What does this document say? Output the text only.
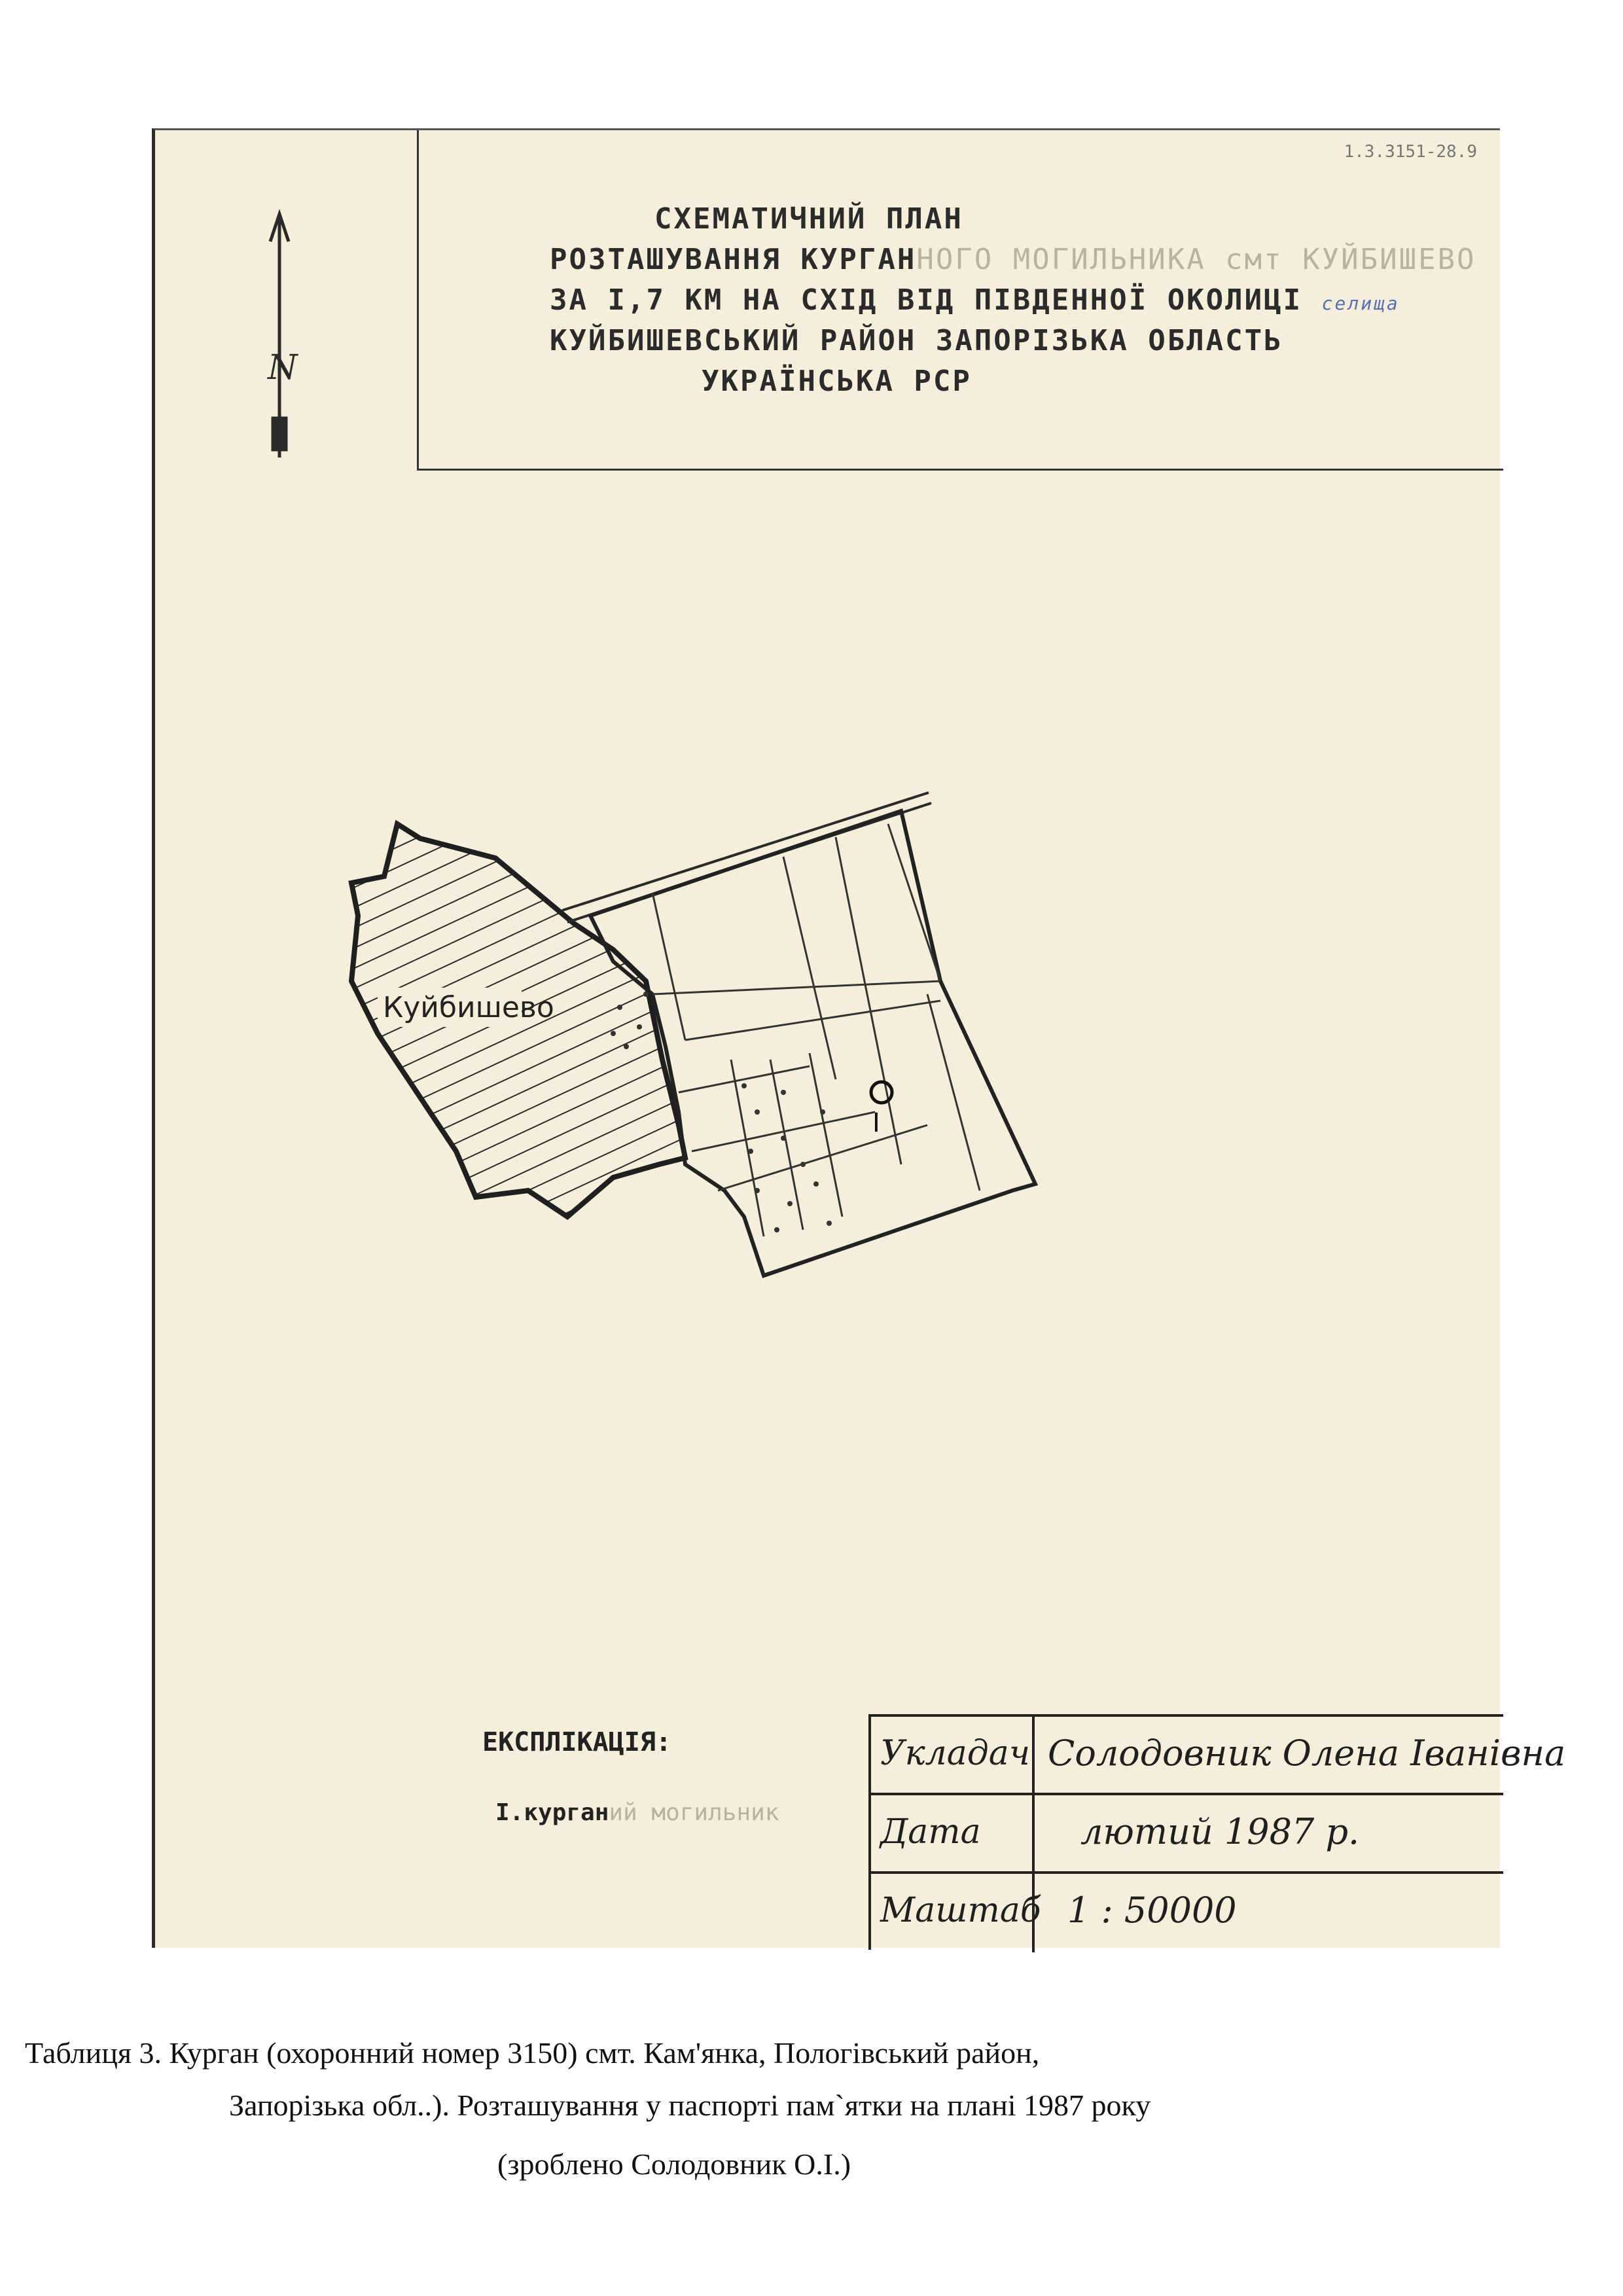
N
Куйбишево
I
1.3.3151-28.9
СХЕМАТИЧНИЙ ПЛАН
РОЗТАШУВАННЯ КУРГАННОГО МОГИЛЬНИКА смт КУЙБИШЕВО
ЗА І,7 КМ НА СХІД ВІД ПІВДЕННОЇ ОКОЛИЦІ селища
КУЙБИШЕВСЬКИЙ РАЙОН ЗАПОРІЗЬКА ОБЛАСТЬ
УКРАЇНСЬКА РСР
ЕКСПЛІКАЦІЯ:
І.курганий могильник
Укладач Солодовник Олена Іванівна
Дата	лютий 1987 р.
Маштаб 1 : 50000
Таблиця 3. Курган (охоронний номер 3150) смт. Кам'янка, Пологівський район,
Запорізька обл..). Розташування у паспорті пам`ятки на плані 1987 року
(зроблено Солодовник О.І.)
